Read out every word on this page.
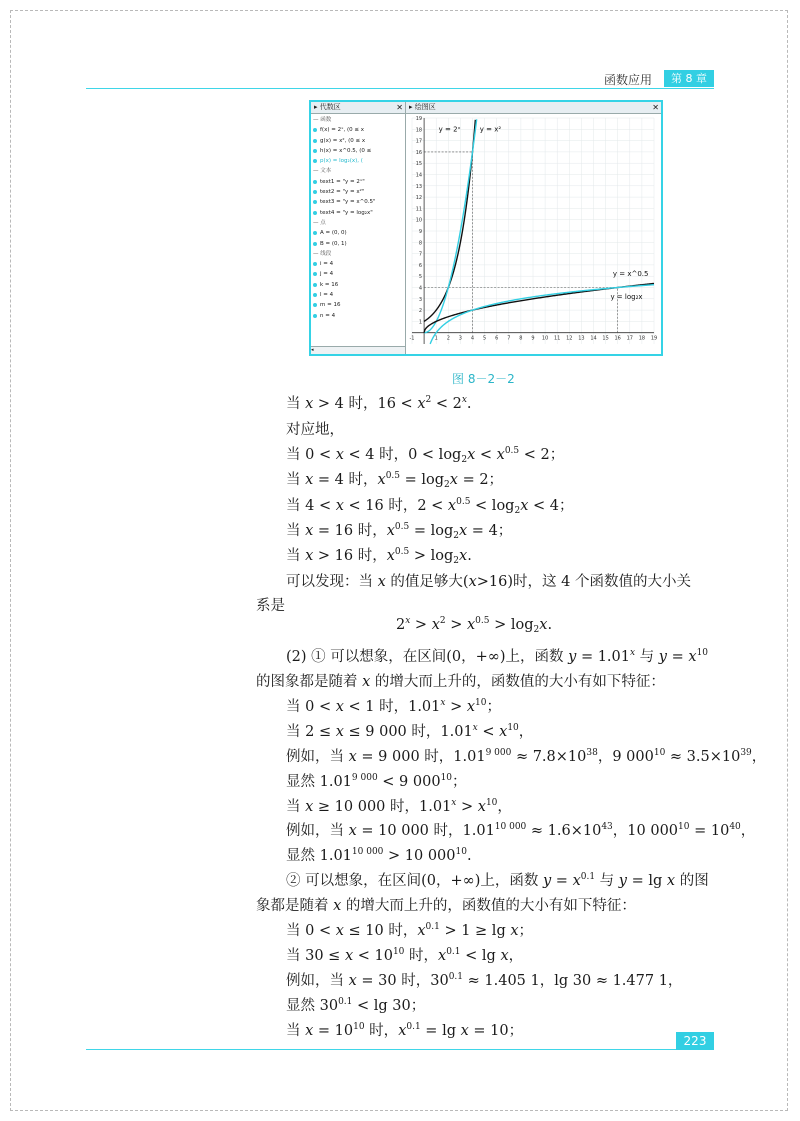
函数应用	第 8 章
▸ 代数区	✕
— 函数
f(x) = 2ˣ, (0 ≤ x
g(x) = x², (0 ≤ x
h(x) = x^0.5, (0 ≤
p(x) = log₂(x), (
— 文本
text1 = "y = 2ˣ"
text2 = "y = x²"
text3 = "y = x^0.5"
text4 = "y = log₂x"
— 点
A = (0, 0)
B = (0, 1)
— 线段
i = 4
j = 4
k = 16
l = 4
m = 16
n = 4
◂
▸ 绘图区	✕
19
18
17
16
15
14
13
12
11
10
9
8
7
6
5
4
3
2
1
19
18
17
16
15
14
13
12
11
10
9
8
7
6
5
4
3
2
1
-1
y = 2ˣ	y = x²
y = x^0.5
y = log₂x
图 8－2－2
当 x > 4 时，$16 < x^2 < 2^x$.
对应地，
当 0 < x < 4 时，$0 < \log_2x < x^{0.5} < 2$；
当 x = 4 时，$x^{0.5} = \log_2x = 2$；
当 4 < x < 16 时，$2 < x^{0.5} < \log_2x < 4$；
当 x = 16 时，$x^{0.5} = \log_2x = 4$；
当 x > 16 时，$x^{0.5} > \log_2x$.
可以发现：当 x 的值足够大(x>16)时，这 4 个函数值的大小关
系是
$2^x > x^2 > x^{0.5} > \log_2x$.
(2) ① 可以想象，在区间(0，+∞)上，函数 $y = 1.01^x$ 与 $y = x^{10}$
的图象都是随着 x 的增大而上升的，函数值的大小有如下特征：
当 0 < x < 1 时，$1.01^x > x^{10}$；
当 2 ≤ x ≤ 9 000 时，$1.01^x < x^{10}$，
例如，当 x = 9 000 时，$1.01^{9 000} \approx 7.8\times 10^{38}$，9 $000^{10} \approx 3.5\times 10^{39}$，
显然 $1.01^{9 000} < 9$ $000^{10}$；
当 x ≥ 10 000 时，$1.01^x > x^{10}$，
例如，当 x = 10 000 时，$1.01^{10 000} \approx 1.6\times 10^{43}$，10 $000^{10} = 10^{40}$，
显然 $1.01^{10 000} > 10$ $000^{10}$.
② 可以想象，在区间(0，+∞)上，函数 $y = x^{0.1}$ 与 y = lg x 的图
象都是随着 x 的增大而上升的，函数值的大小有如下特征：
当 0 < x ≤ 10 时，$x^{0.1} > 1 \ge \lg x$；
当 $30 \le x < 10^{10}$ 时，$x^{0.1} < \lg x$，
例如，当 x = 30 时，$30^{0.1} \approx 1.405$ 1，lg 30 ≈ 1.477 1，
显然 $30^{0.1} < \lg 30$；
当 $x = 10^{10}$ 时，$x^{0.1} = \lg x = 10$；
223
